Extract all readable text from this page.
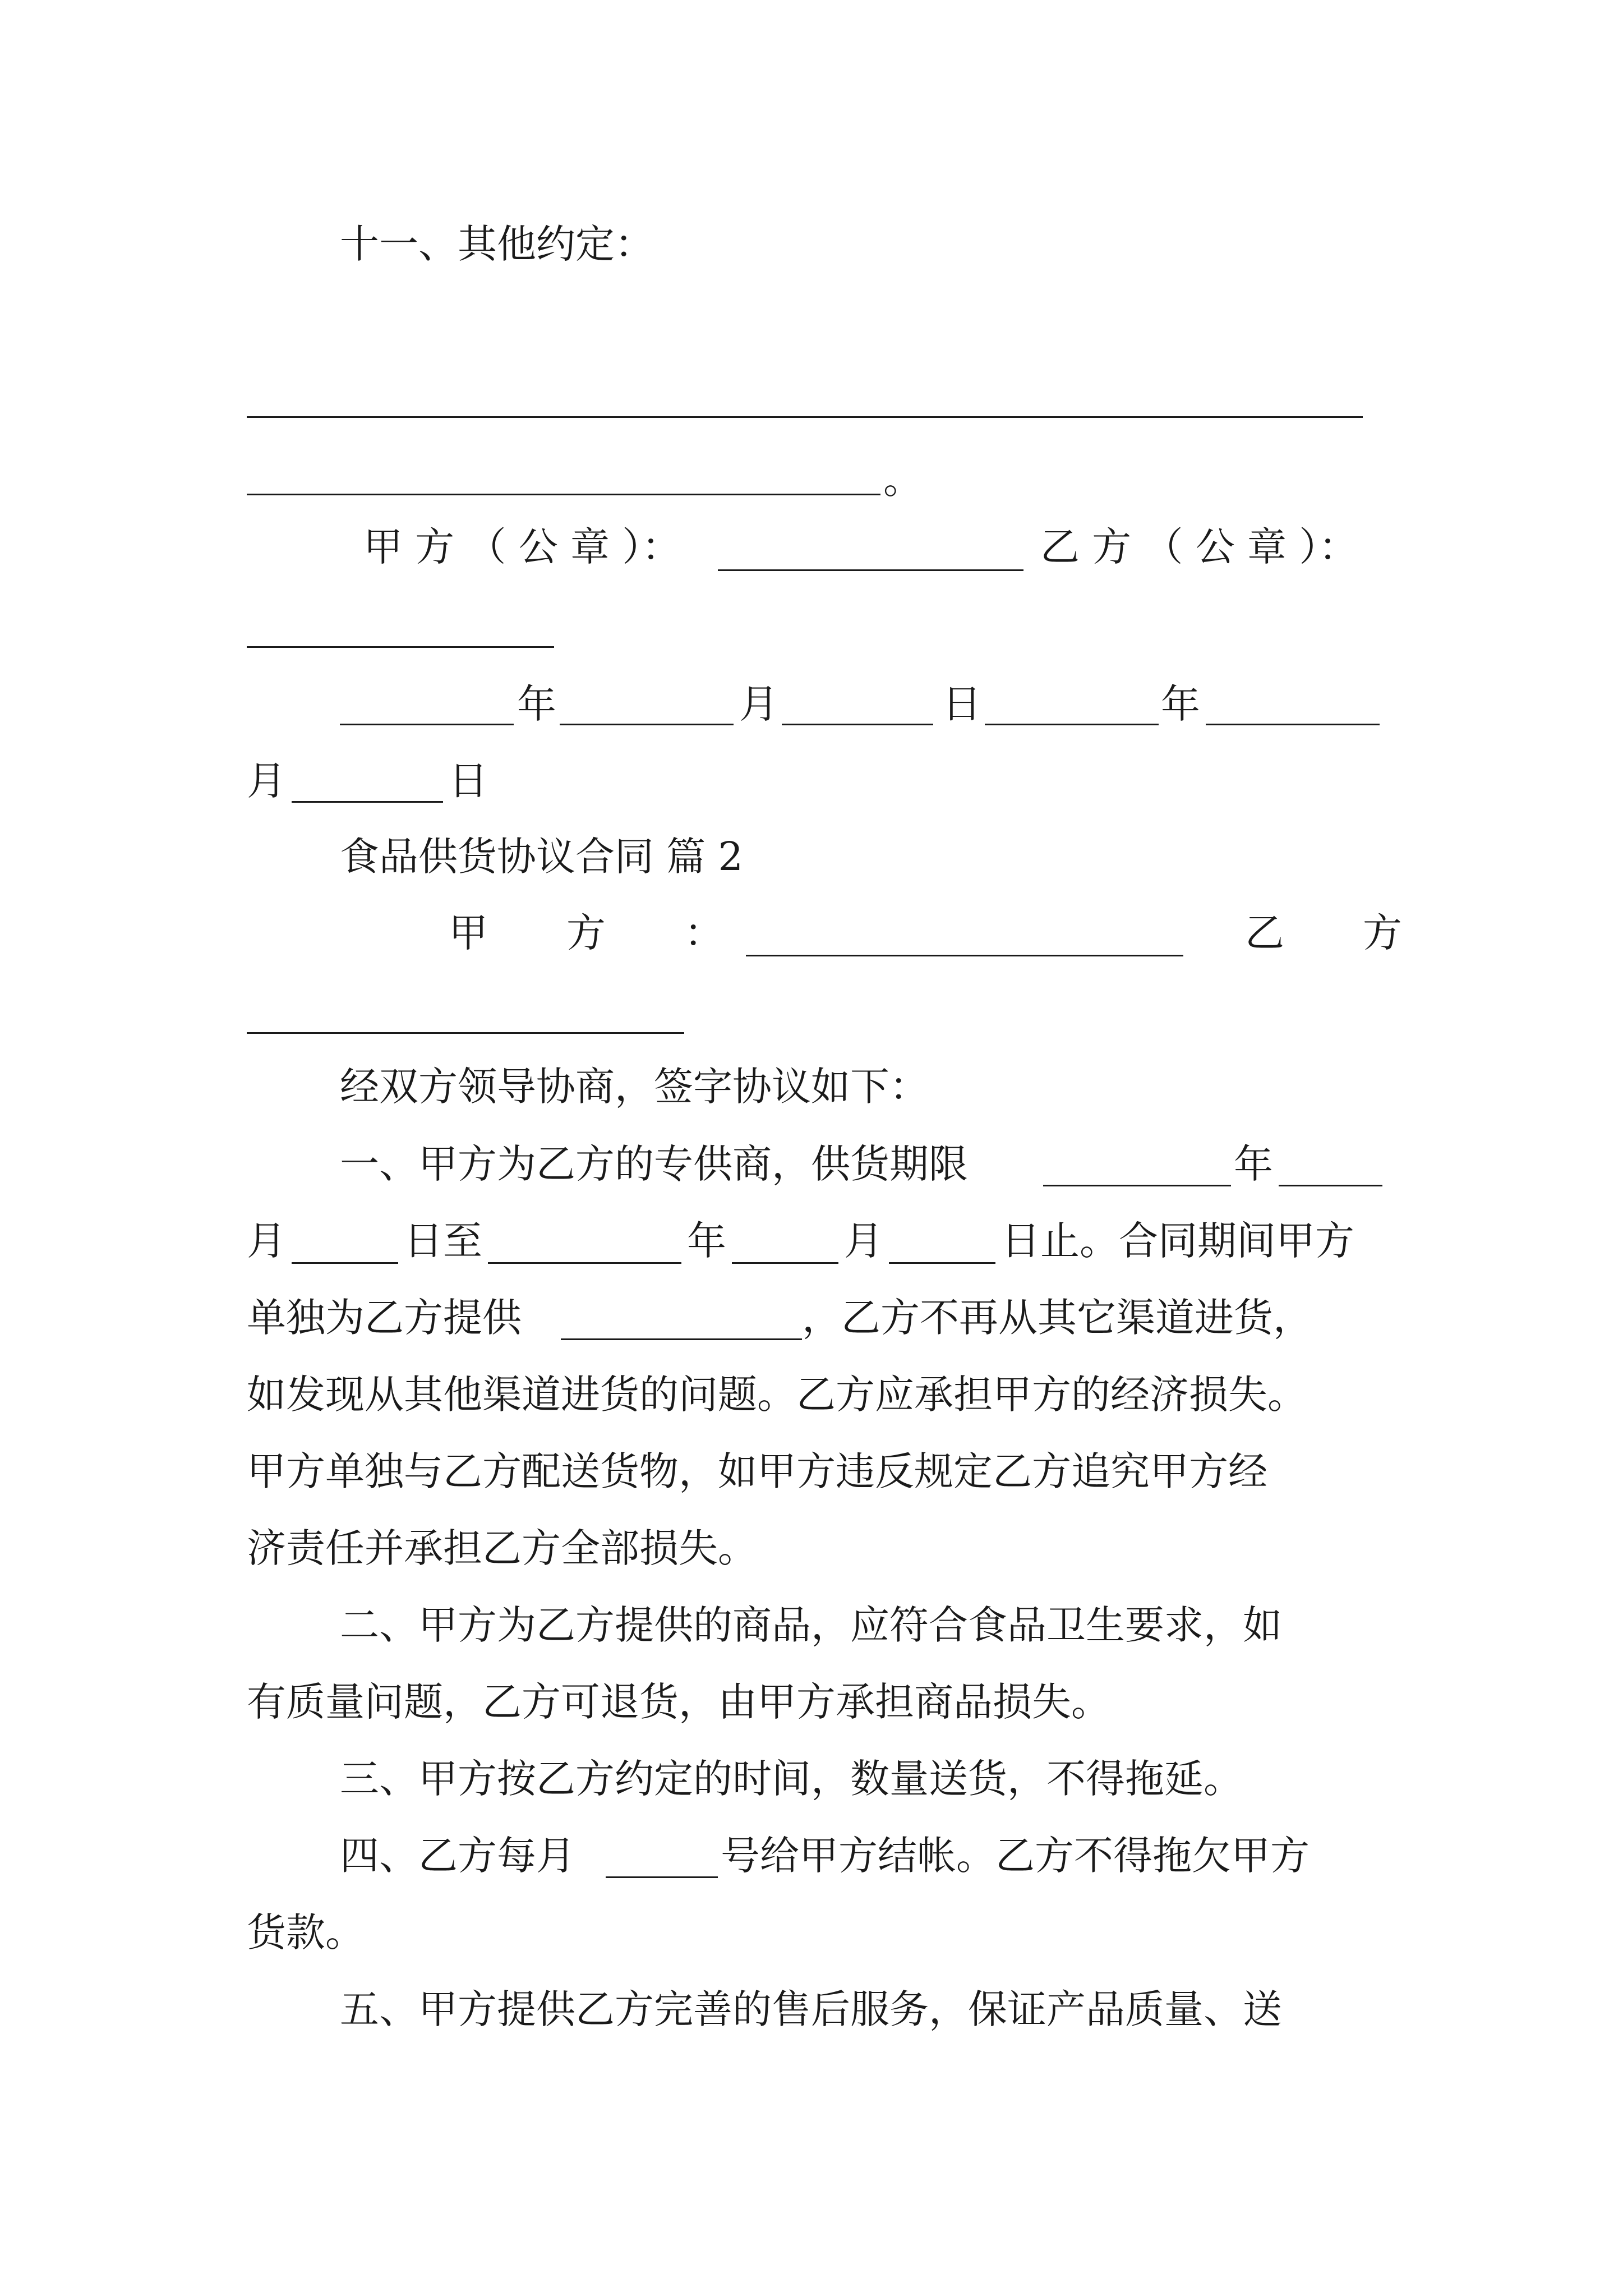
十一、其他约定：
。
甲 方 （ 公 章 ）：	乙 方 （ 公 章 ）：
年	月	日	年
月	日
食品供货协议合同 篇 2
甲　　方　　：	乙　　方
经双方领导协商，签字协议如下：
一、甲方为乙方的专供商，供货期限	年
月	日至	年	月	日止。合同期间甲方
单独为乙方提供	，乙方不再从其它渠道进货，
如发现从其他渠道进货的问题。乙方应承担甲方的经济损失。
甲方单独与乙方配送货物，如甲方违反规定乙方追究甲方经
济责任并承担乙方全部损失。
二、甲方为乙方提供的商品，应符合食品卫生要求，如
有质量问题，乙方可退货，由甲方承担商品损失。
三、甲方按乙方约定的时间，数量送货，不得拖延。
四、乙方每月	号给甲方结帐。乙方不得拖欠甲方
货款。
五、甲方提供乙方完善的售后服务，保证产品质量、送
